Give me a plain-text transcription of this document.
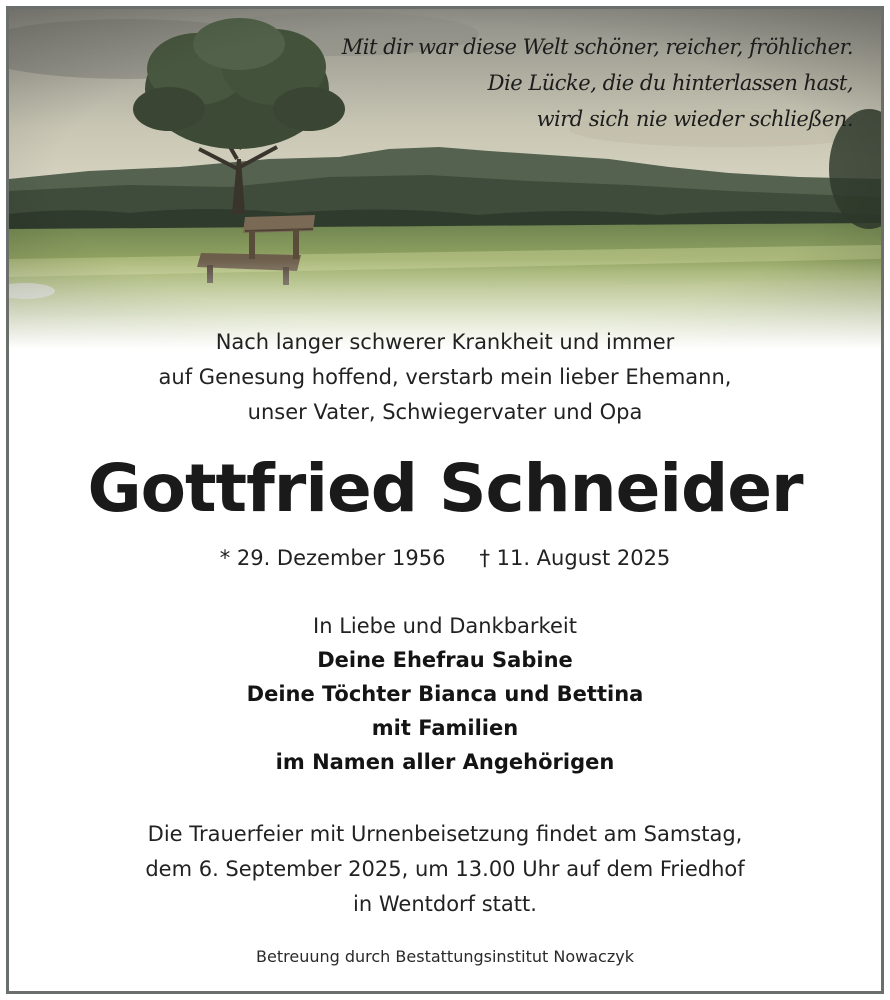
Mit dir war diese Welt schöner, reicher, fröhlicher.
Die Lücke, die du hinterlassen hast,
wird sich nie wieder schließen.
Nach langer schwerer Krankheit und immer
auf Genesung hoffend, verstarb mein lieber Ehemann,
unser Vater, Schwiegervater und Opa
Gottfried Schneider
* 29. Dezember 1956 † 11. August 2025
In Liebe und Dankbarkeit
Deine Ehefrau Sabine
Deine Töchter Bianca und Bettina
mit Familien
im Namen aller Angehörigen
Die Trauerfeier mit Urnenbeisetzung findet am Samstag,
dem 6. September 2025, um 13.00 Uhr auf dem Friedhof
in Wentdorf statt.
Betreuung durch Bestattungsinstitut Nowaczyk
